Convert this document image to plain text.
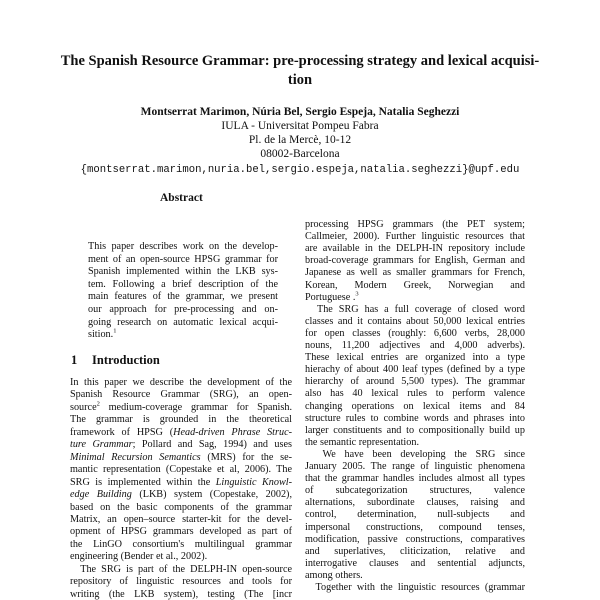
The Spanish Resource Grammar: pre-processing strategy and lexical acquisi-
tion
Montserrat Marimon, Núria Bel, Sergio Espeja, Natalia Seghezzi
IULA - Universitat Pompeu Fabra
Pl. de la Mercè, 10-12
08002-Barcelona
{montserrat.marimon,nuria.bel,sergio.espeja,natalia.seghezzi}@upf.edu
Abstract
This paper describes work on the develop-
ment of an open-source HPSG grammar for
Spanish implemented within the LKB sys-
tem. Following a brief description of the
main features of the grammar, we present
our approach for pre-processing and on-
going research on automatic lexical acqui-
sition.$^1$
1 Introduction
In this paper we describe the development of the
Spanish Resource Grammar (SRG), an open-
source$^2$ medium-coverage grammar for Spanish.
The grammar is grounded in the theoretical
framework of HPSG (Head-driven Phrase Struc-
ture Grammar; Pollard and Sag, 1994) and uses
Minimal Recursion Semantics (MRS) for the se-
mantic representation (Copestake et al, 2006). The
SRG is implemented within the Linguistic Knowl-
edge Building (LKB) system (Copestake, 2002),
based on the basic components of the grammar
Matrix, an open–source starter-kit for the devel-
opment of HPSG grammars developed as part of
the LinGO consortium's multilingual grammar
engineering (Bender et al., 2002).
The SRG is part of the DELPH-IN open-source
repository of linguistic resources and tools for
writing (the LKB system), testing (The [incr
processing HPSG grammars (the PET system;
Callmeier, 2000). Further linguistic resources that
are available in the DELPH-IN repository include
broad-coverage grammars for English, German and
Japanese as well as smaller grammars for French,
Korean, Modern Greek, Norwegian and
Portuguese .$^3$
The SRG has a full coverage of closed word
classes and it contains about 50,000 lexical entries
for open classes (roughly: 6,600 verbs, 28,000
nouns, 11,200 adjectives and 4,000 adverbs).
These lexical entries are organized into a type
hierachy of about 400 leaf types (defined by a type
hierarchy of around 5,500 types). The grammar
also has 40 lexical rules to perform valence
changing operations on lexical items and 84
structure rules to combine words and phrases into
larger constituents and to compositionally build up
the semantic representation.
We have been developing the SRG since
January 2005. The range of linguistic phenomena
that the grammar handles includes almost all types
of subcategorization structures, valence
alternations, subordinate clauses, raising and
control, determination, null-subjects and
impersonal constructions, compound tenses,
modification, passive constructions, comparatives
and superlatives, cliticization, relative and
interrogative clauses and sentential adjuncts,
among others.
Together with the linguistic resources (grammar
